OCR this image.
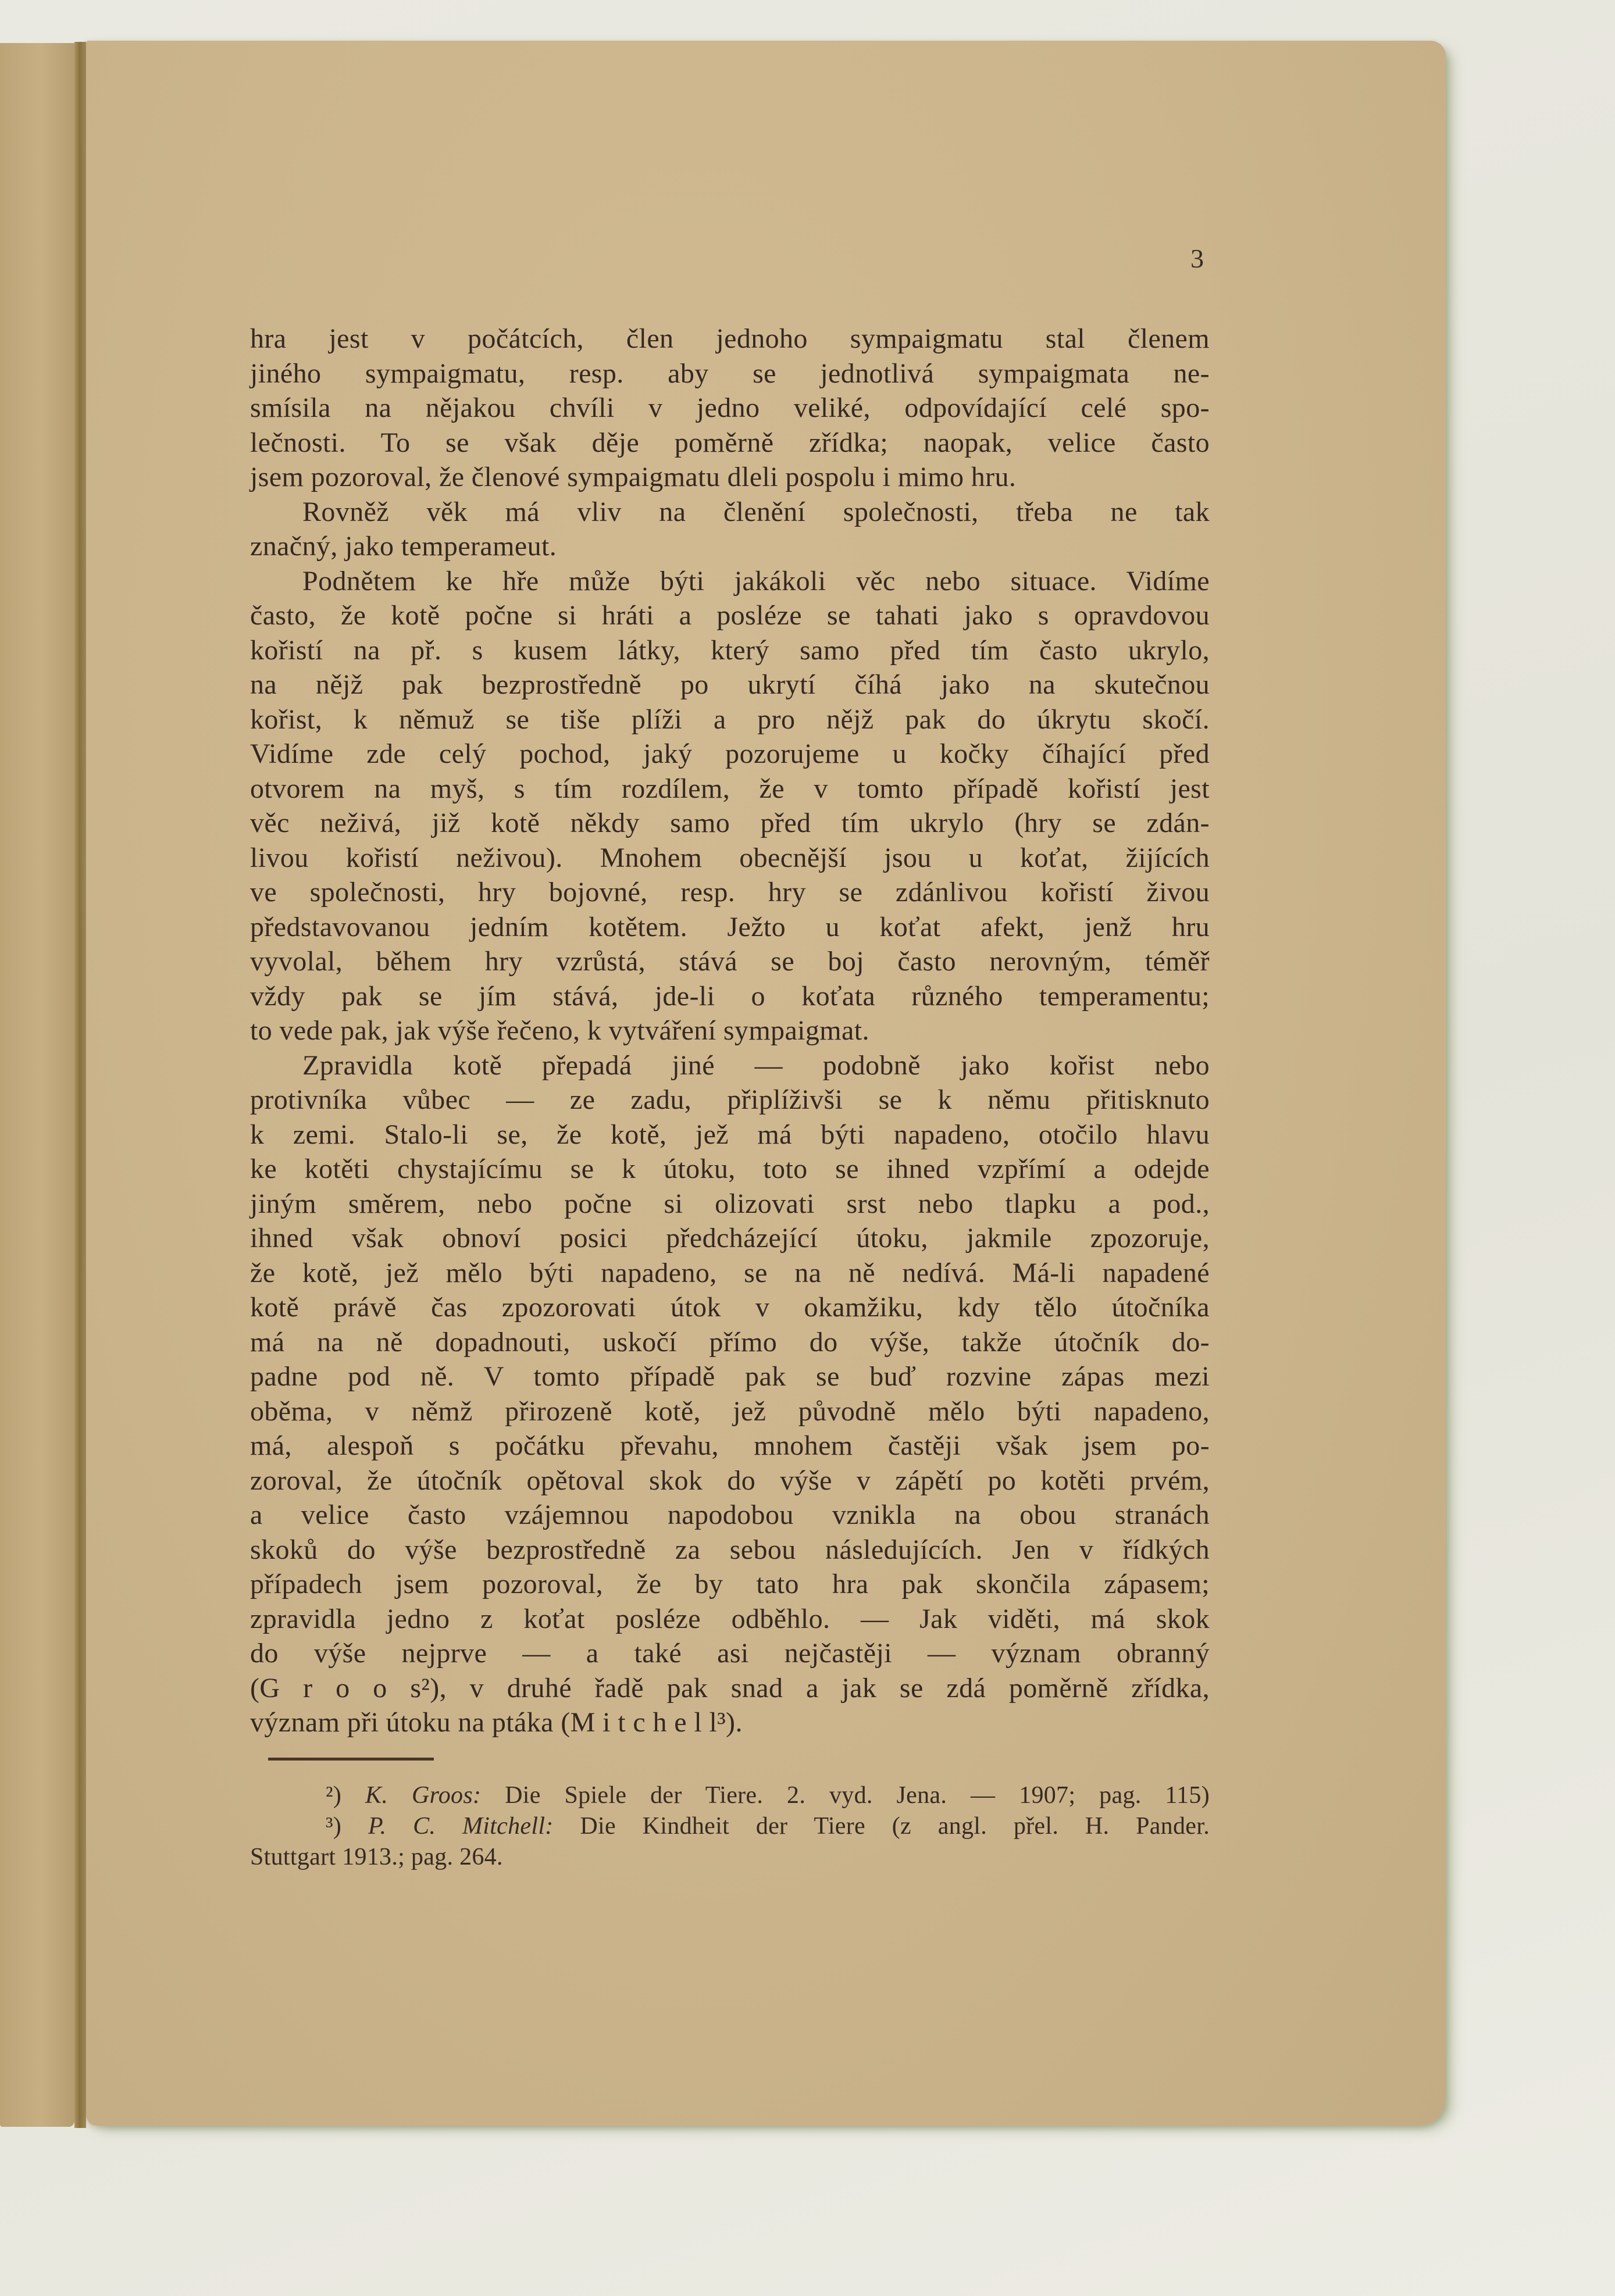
3
hra jest v počátcích, člen jednoho sympaigmatu stal členem
jiného sympaigmatu, resp. aby se jednotlivá sympaigmata ne-
smísila na nějakou chvíli v jedno veliké, odpovídající celé spo-
lečnosti. To se však děje poměrně zřídka; naopak, velice často
jsem pozoroval, že členové sympaigmatu dleli pospolu i mimo hru.
Rovněž věk má vliv na členění společnosti, třeba ne tak
značný, jako temperameut.
Podnětem ke hře může býti jakákoli věc nebo situace. Vidíme
často, že kotě počne si hráti a posléze se tahati jako s opravdovou
kořistí na př. s kusem látky, který samo před tím často ukrylo,
na nějž pak bezprostředně po ukrytí číhá jako na skutečnou
kořist, k němuž se tiše plíži a pro nějž pak do úkrytu skočí.
Vidíme zde celý pochod, jaký pozorujeme u kočky číhající před
otvorem na myš, s tím rozdílem, že v tomto případě kořistí jest
věc neživá, již kotě někdy samo před tím ukrylo (hry se zdán-
livou kořistí neživou). Mnohem obecnější jsou u koťat, žijících
ve společnosti, hry bojovné, resp. hry se zdánlivou kořistí živou
představovanou jedním kotětem. Ježto u koťat afekt, jenž hru
vyvolal, během hry vzrůstá, stává se boj často nerovným, téměř
vždy pak se jím stává, jde-li o koťata různého temperamentu;
to vede pak, jak výše řečeno, k vytváření sympaigmat.
Zpravidla kotě přepadá jiné — podobně jako kořist nebo
protivníka vůbec — ze zadu, připlíživši se k němu přitisknuto
k zemi. Stalo-li se, že kotě, jež má býti napadeno, otočilo hlavu
ke kotěti chystajícímu se k útoku, toto se ihned vzpřímí a odejde
jiným směrem, nebo počne si olizovati srst nebo tlapku a pod.,
ihned však obnoví posici předcházející útoku, jakmile zpozoruje,
že kotě, jež mělo býti napadeno, se na ně nedívá. Má-li napadené
kotě právě čas zpozorovati útok v okamžiku, kdy tělo útočníka
má na ně dopadnouti, uskočí přímo do výše, takže útočník do-
padne pod ně. V tomto případě pak se buď rozvine zápas mezi
oběma, v němž přirozeně kotě, jež původně mělo býti napadeno,
má, alespoň s počátku převahu, mnohem častěji však jsem po-
zoroval, že útočník opětoval skok do výše v zápětí po kotěti prvém,
a velice často vzájemnou napodobou vznikla na obou stranách
skoků do výše bezprostředně za sebou následujících. Jen v řídkých
případech jsem pozoroval, že by tato hra pak skončila zápasem;
zpravidla jedno z koťat posléze odběhlo. — Jak viděti, má skok
do výše nejprve — a také asi nejčastěji — význam obranný
(G r o o s²), v druhé řadě pak snad a jak se zdá poměrně zřídka,
význam při útoku na ptáka (M i t c h e l l³).
²) K. Groos: Die Spiele der Tiere. 2. vyd. Jena. — 1907; pag. 115)
³) P. C. Mitchell: Die Kindheit der Tiere (z angl. přel. H. Pander.
Stuttgart 1913.; pag. 264.
